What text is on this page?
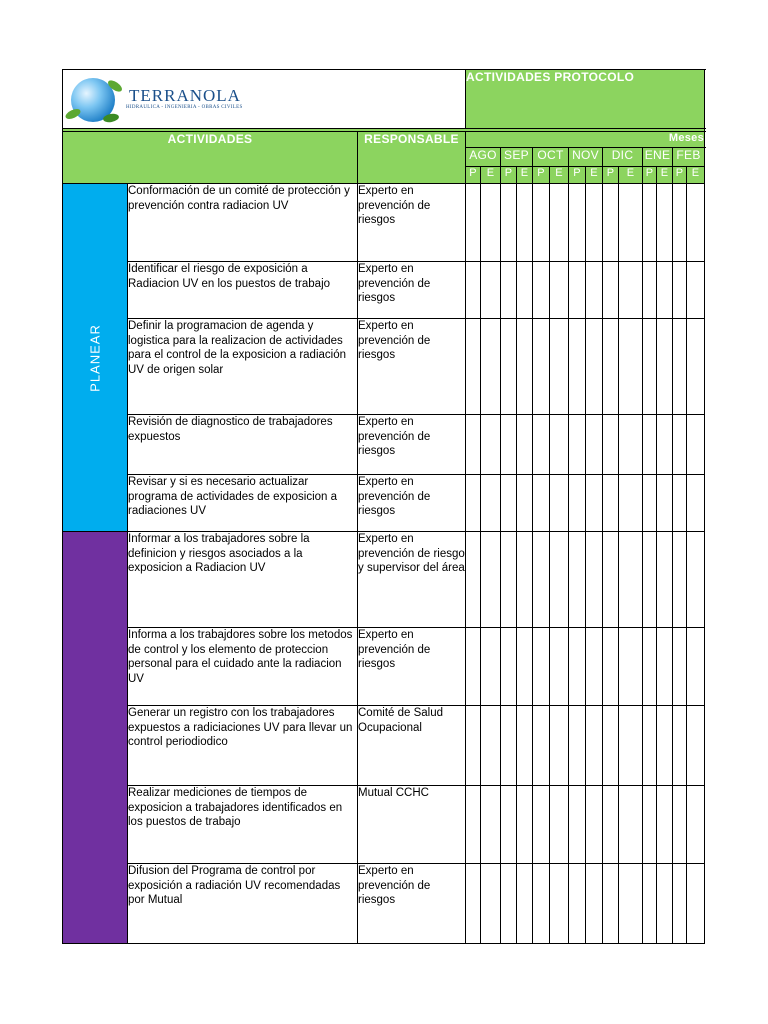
TERRANOLA
HIDRAULICA - INGENIERIA - OBRAS CIVILES			ACTIVIDADES PROTOCOLO													

ACTIVIDADES		RESPONSABLE	Meses													
			AGO		SEP		OCT		NOV		DIC		ENE		FEB	
			P	E	P	E	P	E	P	E	P	E	P	E	P	E

PLANEAR	Conformación de un comité de protección y prevención contra radiacion UV	Experto en prevención de riesgos														
	Identificar el riesgo de exposición a Radiacion UV en los puestos de trabajo	Experto en prevención de riesgos														
	Definir la programacion de agenda y logistica para la realizacion de actividades para el control de la exposicion a radiación UV de origen solar	Experto en prevención de riesgos														
	Revisión de diagnostico de trabajadores expuestos	Experto en prevención de riesgos														
	Revisar y si es necesario actualizar programa de actividades de exposicion a radiaciones UV	Experto en prevención de riesgos														

	Informar a los trabajadores sobre la definicion y riesgos asociados a la exposicion a Radiacion UV	Experto en prevención de riesgo y supervisor del área														
	Informa a los trabajdores sobre los metodos de control y los elemento de proteccion personal para el cuidado ante la radiacion UV	Experto en prevención de riesgos														
	Generar un registro con los trabajadores expuestos a radiciaciones UV para llevar un control periodiodico	Comité de Salud Ocupacional														
	Realizar mediciones de tiempos de exposicion a trabajadores identificados en los puestos de trabajo	Mutual CCHC														
	Difusion del Programa de control por exposición a radiación UV recomendadas por Mutual	Experto en prevención de riesgos														
